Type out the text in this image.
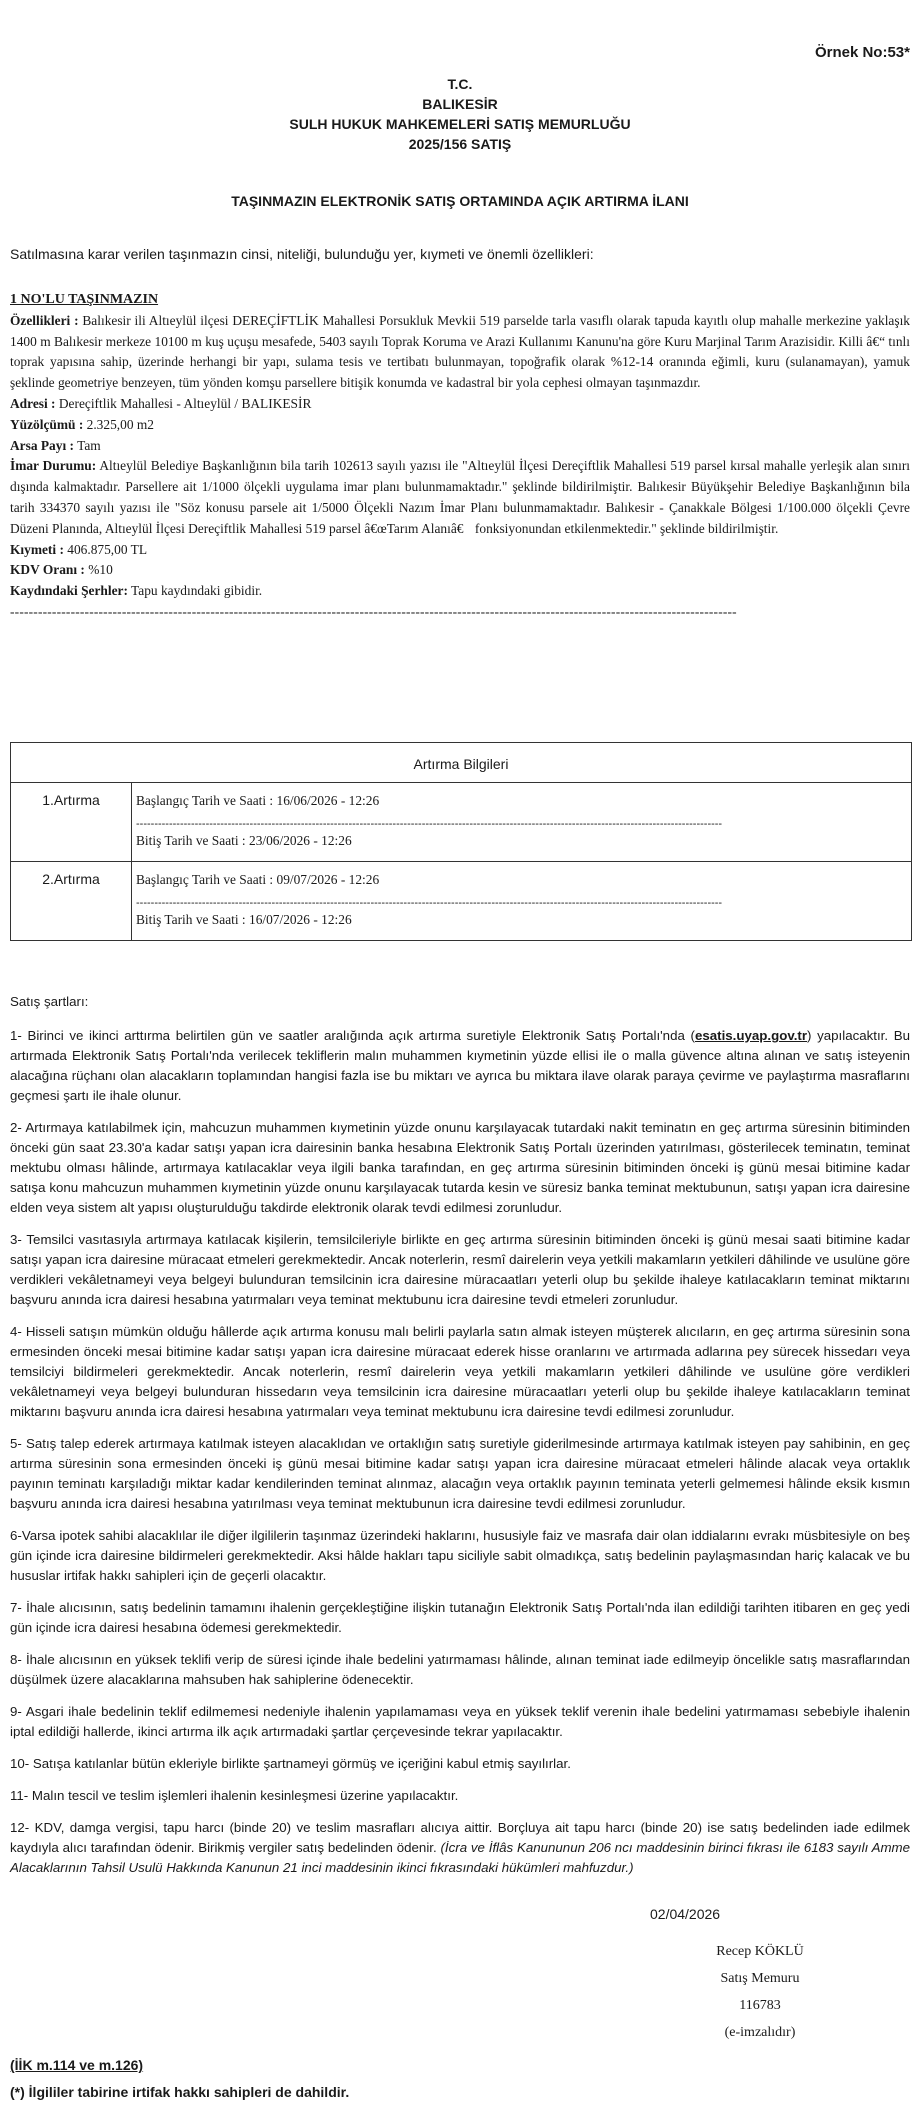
Örnek No:53*
T.C.
BALIKESİR
SULH HUKUK MAHKEMELERİ SATIŞ MEMURLUĞU
2025/156 SATIŞ
TAŞINMAZIN ELEKTRONİK SATIŞ ORTAMINDA AÇIK ARTIRMA İLANI
Satılmasına karar verilen taşınmazın cinsi, niteliği, bulunduğu yer, kıymeti ve önemli özellikleri:
1 NO'LU TAŞINMAZIN
Özellikleri : Balıkesir ili Altıeylül ilçesi DEREÇİFTLİK Mahallesi Porsukluk Mevkii 519 parselde tarla vasıflı olarak tapuda kayıtlı olup mahalle merkezine yaklaşık 1400 m Balıkesir merkeze 10100 m kuş uçuşu mesafede, 5403 sayılı Toprak Koruma ve Arazi Kullanımı Kanunu'na göre Kuru Marjinal Tarım Arazisidir. Killi â€“ tınlı toprak yapısına sahip, üzerinde herhangi bir yapı, sulama tesis ve tertibatı bulunmayan, topoğrafik olarak %12-14 oranında eğimli, kuru (sulanamayan), yamuk şeklinde geometriye benzeyen, tüm yönden komşu parsellere bitişik konumda ve kadastral bir yola cephesi olmayan taşınmazdır.
Adresi : Dereçiftlik Mahallesi - Altıeylül / BALIKESİR
Yüzölçümü : 2.325,00 m2
Arsa Payı : Tam
İmar Durumu: Altıeylül Belediye Başkanlığının bila tarih 102613 sayılı yazısı ile "Altıeylül İlçesi Dereçiftlik Mahallesi 519 parsel kırsal mahalle yerleşik alan sınırı dışında kalmaktadır. Parsellere ait 1/1000 ölçekli uygulama imar planı bulunmamaktadır." şeklinde bildirilmiştir. Balıkesir Büyükşehir Belediye Başkanlığının bila tarih 334370 sayılı yazısı ile "Söz konusu parsele ait 1/5000 Ölçekli Nazım İmar Planı bulunmamaktadır. Balıkesir - Çanakkale Bölgesi 1/100.000 ölçekli Çevre Düzeni Planında, Altıeylül İlçesi Dereçiftlik Mahallesi 519 parsel â€œTarım Alanıâ€ fonksiyonundan etkilenmektedir." şeklinde bildirilmiştir.
Kıymeti : 406.875,00 TL
KDV Oranı : %10
Kaydındaki Şerhler: Tapu kaydındaki gibidir.
------------------------------------------------------------------------------------------------------------------------------------------------------------
Artırma Bilgileri	
1.Artırma	Başlangıç Tarih ve Saati : 16/06/2026 - 12:26
----------------------------------------------------------------------------------------------------------------------------------------------------------------
Bitiş Tarih ve Saati : 23/06/2026 - 12:26

2.Artırma	Başlangıç Tarih ve Saati : 09/07/2026 - 12:26
----------------------------------------------------------------------------------------------------------------------------------------------------------------
Bitiş Tarih ve Saati : 16/07/2026 - 12:26

Satış şartları:

1- Birinci ve ikinci arttırma belirtilen gün ve saatler aralığında açık artırma suretiyle Elektronik Satış Portalı'nda (esatis.uyap.gov.tr) yapılacaktır. Bu artırmada Elektronik Satış Portalı'nda verilecek tekliflerin malın muhammen kıymetinin yüzde ellisi ile o malla güvence altına alınan ve satış isteyenin alacağına rüçhanı olan alacakların toplamından hangisi fazla ise bu miktarı ve ayrıca bu miktara ilave olarak paraya çevirme ve paylaştırma masraflarını geçmesi şartı ile ihale olunur.

2- Artırmaya katılabilmek için, mahcuzun muhammen kıymetinin yüzde onunu karşılayacak tutardaki nakit teminatın en geç artırma süresinin bitiminden önceki gün saat 23.30'a kadar satışı yapan icra dairesinin banka hesabına Elektronik Satış Portalı üzerinden yatırılması, gösterilecek teminatın, teminat mektubu olması hâlinde, artırmaya katılacaklar veya ilgili banka tarafından, en geç artırma süresinin bitiminden önceki iş günü mesai bitimine kadar satışa konu mahcuzun muhammen kıymetinin yüzde onunu karşılayacak tutarda kesin ve süresiz banka teminat mektubunun, satışı yapan icra dairesine elden veya sistem alt yapısı oluşturulduğu takdirde elektronik olarak tevdi edilmesi zorunludur.

3- Temsilci vasıtasıyla artırmaya katılacak kişilerin, temsilcileriyle birlikte en geç artırma süresinin bitiminden önceki iş günü mesai saati bitimine kadar satışı yapan icra dairesine müracaat etmeleri gerekmektedir. Ancak noterlerin, resmî dairelerin veya yetkili makamların yetkileri dâhilinde ve usulüne göre verdikleri vekâletnameyi veya belgeyi bulunduran temsilcinin icra dairesine müracaatları yeterli olup bu şekilde ihaleye katılacakların teminat miktarını başvuru anında icra dairesi hesabına yatırmaları veya teminat mektubunu icra dairesine tevdi etmeleri zorunludur.

4- Hisseli satışın mümkün olduğu hâllerde açık artırma konusu malı belirli paylarla satın almak isteyen müşterek alıcıların, en geç artırma süresinin sona ermesinden önceki mesai bitimine kadar satışı yapan icra dairesine müracaat ederek hisse oranlarını ve artırmada adlarına pey sürecek hissedarı veya temsilciyi bildirmeleri gerekmektedir. Ancak noterlerin, resmî dairelerin veya yetkili makamların yetkileri dâhilinde ve usulüne göre verdikleri vekâletnameyi veya belgeyi bulunduran hissedarın veya temsilcinin icra dairesine müracaatları yeterli olup bu şekilde ihaleye katılacakların teminat miktarını başvuru anında icra dairesi hesabına yatırmaları veya teminat mektubunu icra dairesine tevdi edilmesi zorunludur.

5- Satış talep ederek artırmaya katılmak isteyen alacaklıdan ve ortaklığın satış suretiyle giderilmesinde artırmaya katılmak isteyen pay sahibinin, en geç artırma süresinin sona ermesinden önceki iş günü mesai bitimine kadar satışı yapan icra dairesine müracaat etmeleri hâlinde alacak veya ortaklık payının teminatı karşıladığı miktar kadar kendilerinden teminat alınmaz, alacağın veya ortaklık payının teminata yeterli gelmemesi hâlinde eksik kısmın başvuru anında icra dairesi hesabına yatırılması veya teminat mektubunun icra dairesine tevdi edilmesi zorunludur.

6-Varsa ipotek sahibi alacaklılar ile diğer ilgililerin taşınmaz üzerindeki haklarını, hususiyle faiz ve masrafa dair olan iddialarını evrakı müsbitesiyle on beş gün içinde icra dairesine bildirmeleri gerekmektedir. Aksi hâlde hakları tapu siciliyle sabit olmadıkça, satış bedelinin paylaşmasından hariç kalacak ve bu hususlar irtifak hakkı sahipleri için de geçerli olacaktır.

7- İhale alıcısının, satış bedelinin tamamını ihalenin gerçekleştiğine ilişkin tutanağın Elektronik Satış Portalı'nda ilan edildiği tarihten itibaren en geç yedi gün içinde icra dairesi hesabına ödemesi gerekmektedir.

8- İhale alıcısının en yüksek teklifi verip de süresi içinde ihale bedelini yatırmaması hâlinde, alınan teminat iade edilmeyip öncelikle satış masraflarından düşülmek üzere alacaklarına mahsuben hak sahiplerine ödenecektir.

9- Asgari ihale bedelinin teklif edilmemesi nedeniyle ihalenin yapılamaması veya en yüksek teklif verenin ihale bedelini yatırmaması sebebiyle ihalenin iptal edildiği hallerde, ikinci artırma ilk açık artırmadaki şartlar çerçevesinde tekrar yapılacaktır.

10- Satışa katılanlar bütün ekleriyle birlikte şartnameyi görmüş ve içeriğini kabul etmiş sayılırlar.

11- Malın tescil ve teslim işlemleri ihalenin kesinleşmesi üzerine yapılacaktır.

12- KDV, damga vergisi, tapu harcı (binde 20) ve teslim masrafları alıcıya aittir. Borçluya ait tapu harcı (binde 20) ise satış bedelinden iade edilmek kaydıyla alıcı tarafından ödenir. Birikmiş vergiler satış bedelinden ödenir. (İcra ve İflâs Kanununun 206 ncı maddesinin birinci fıkrası ile 6183 sayılı Amme Alacaklarının Tahsil Usulü Hakkında Kanunun 21 inci maddesinin ikinci fıkrasındaki hükümleri mahfuzdur.)

02/04/2026
Recep KÖKLÜ
Satış Memuru
116783
(e-imzalıdır)
(İİK m.114 ve m.126)
(*) İlgililer tabirine irtifak hakkı sahipleri de dahildir.
